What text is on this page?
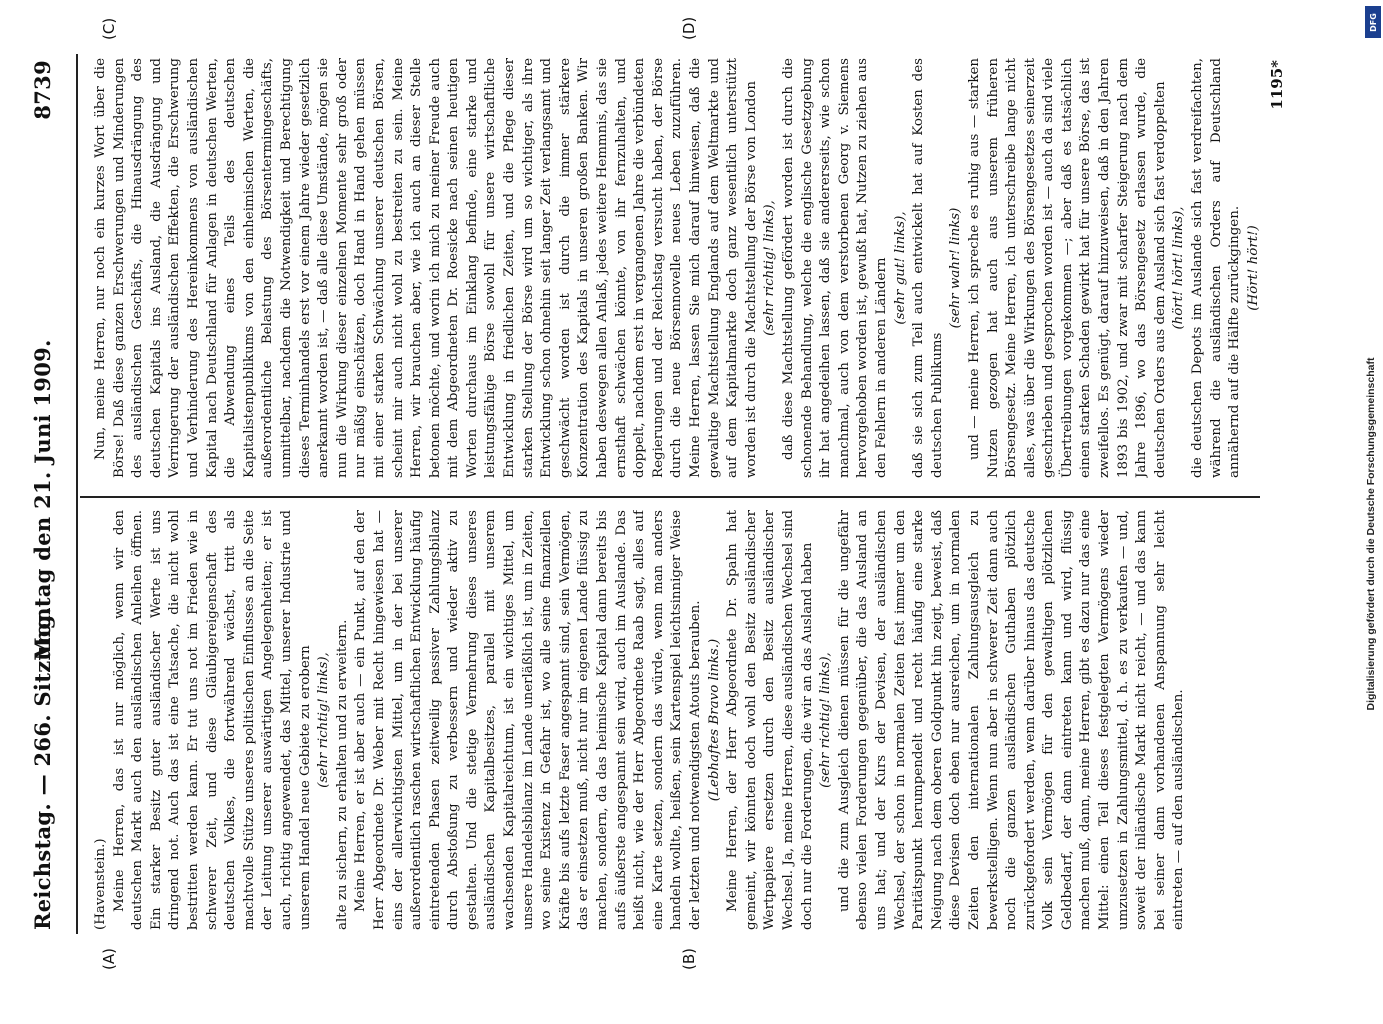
Reichstag. — 266. Sitzung.
Montag den 21. Juni 1909.
8739
(A)	(B)
(C)	(D)

(Havenstein.) Meine Herren, das ist nur möglich, wenn wir den deutschen Markt auch den ausländischen Anleihen öffnen. Ein starker Besitz guter ausländischer Werte ist uns dringend not. Auch das ist eine Tatsache, die nicht wohl bestritten werden kann. Er tut uns not im Frieden wie in schwerer Zeit, und diese Gläubigereigenschaft des deutschen Volkes, die fortwährend wächst, tritt als machtvolle Stütze unseres politischen Einflusses an die Seite der Leitung unserer auswärtigen Angelegenheiten; er ist auch, richtig angewendet, das Mittel, unserer Industrie und unserem Handel neue Gebiete zu erobern (sehr richtig! links), alte zu sichern, zu erhalten und zu erweitern. Meine Herren, er ist aber auch — ein Punkt, auf den der Herr Abgeordnete Dr. Weber mit Recht hingewiesen hat — eins der allerwichtigsten Mittel, um in der bei unserer außerordentlich raschen wirtschaftlichen Entwicklung häufig eintretenden Phasen zeitweilig passiver Zahlungsbilanz durch Abstoßung zu verbessern und wieder aktiv zu gestalten. Und die stetige Vermehrung dieses unseres ausländischen Kapitalbesitzes, parallel mit unserem wachsenden Kapitalreichtum, ist ein wichtiges Mittel, um unsere Handelsbilanz im Lande unerläßlich ist, um in Zeiten, wo seine Existenz in Gefahr ist, wo alle seine finanziellen Kräfte bis aufs letzte Faser angespannt sind, sein Vermögen, das er einsetzen muß, nicht nur im eigenen Lande flüssig zu machen, sondern, da das heimische Kapital dann bereits bis aufs äußerste angespannt sein wird, auch im Auslande. Das heißt nicht, wie der Herr Abgeordnete Raab sagt, alles auf eine Karte setzen, sondern das würde, wenn man anders handeln wollte, heißen, sein Kartenspiel leichtsinniger Weise der letzten und notwendigsten Atouts berauben. (Lebhaftes Bravo links.) Meine Herren, der Herr Abgeordnete Dr. Spahn hat gemeint, wir könnten doch wohl den Besitz ausländischer Wertpapiere ersetzen durch den Besitz ausländischer Wechsel. Ja, meine Herren, diese ausländischen Wechsel sind doch nur die Forderungen, die wir an das Ausland haben (sehr richtig! links), und die zum Ausgleich dienen müssen für die ungefähr ebenso vielen Forderungen gegenüber, die das Ausland an uns hat; und der Kurs der Devisen, der ausländischen Wechsel, der schon in normalen Zeiten fast immer um den Paritätspunkt herumpendelt und recht häufig eine starke Neigung nach dem oberen Goldpunkt hin zeigt, beweist, daß diese Devisen doch eben nur ausreichen, um in normalen Zeiten den internationalen Zahlungsausgleich zu bewerkstelligen. Wenn nun aber in schwerer Zeit dann auch noch die ganzen ausländischen Guthaben plötzlich zurückgefordert werden, wenn darüber hinaus das deutsche Volk sein Vermögen für den gewaltigen plötzlichen Geldbedarf, der dann eintreten kann und wird, flüssig machen muß, dann, meine Herren, gibt es dazu nur das eine Mittel: einen Teil dieses festgelegten Vermögens wieder umzusetzen in Zahlungsmittel, d. h. es zu verkaufen — und, soweit der inländische Markt nicht reicht, — und das kann bei seiner dann vorhandenen Anspannung sehr leicht eintreten — auf den ausländischen.

Nun, meine Herren, nur noch ein kurzes Wort über die Börse! Daß diese ganzen Erschwerungen und Minderungen des ausländischen Geschäfts, die Hinausdrängung des deutschen Kapitals ins Ausland, die Ausdrängung und Verringerung der ausländischen Effekten, die Erschwerung und Verhinderung des Hereinkommens von ausländischen Kapital nach Deutschland für Anlagen in deutschen Werten, die Abwendung eines Teils des deutschen Kapitalistenpublikums von den einheimischen Werten, die außerordentliche Belastung des Börsentermingeschäfts, unmittelbar, nachdem die Notwendigkeit und Berechtigung dieses Terminhandels erst vor einem Jahre wieder gesetzlich anerkannt worden ist, — daß alle diese Umstände, mögen sie nun die Wirkung dieser einzelnen Momente sehr groß oder nur mäßig einschätzen, doch Hand in Hand gehen müssen mit einer starken Schwächung unserer deutschen Börsen, scheint mir auch nicht wohl zu bestreiten zu sein. Meine Herren, wir brauchen aber, wie ich auch an dieser Stelle betonen möchte, und worin ich mich zu meiner Freude auch mit dem Abgeordneten Dr. Roesicke nach seinen heutigen Worten durchaus im Einklang befinde, eine starke und leistungsfähige Börse sowohl für unsere wirtschaftliche Entwicklung in friedlichen Zeiten, und die Pflege dieser starken Stellung der Börse wird um so wichtiger, als ihre Entwicklung schon ohnehin seit langer Zeit verlangsamt und geschwächt worden ist durch die immer stärkere Konzentration des Kapitals in unseren großen Banken. Wir haben deswegen allen Anlaß, jedes weitere Hemmnis, das sie ernsthaft schwächen könnte, von ihr fernzuhalten, und doppelt, nachdem erst in vergangenen Jahre die verbündeten Regierungen und der Reichstag versucht haben, der Börse durch die neue Börsennovelle neues Leben zuzuführen. Meine Herren, lassen Sie mich darauf hinweisen, daß die gewaltige Machtstellung Englands auf dem Weltmarkte und auf dem Kapitalmarkte doch ganz wesentlich unterstützt worden ist durch die Machtstellung der Börse von London (sehr richtig! links), daß diese Machtstellung gefördert worden ist durch die schonende Behandlung, welche die englische Gesetzgebung ihr hat angedeihen lassen, daß sie andererseits, wie schon manchmal, auch von dem verstorbenen Georg v. Siemens hervorgehoben worden ist, gewußt hat, Nutzen zu ziehen aus den Fehlern in anderen Ländern (sehr gut! links), daß sie sich zum Teil auch entwickelt hat auf Kosten des deutschen Publikums

(sehr wahr! links) und — meine Herren, ich spreche es ruhig aus — starken Nutzen gezogen hat auch aus unserem früheren Börsengesetz. Meine Herren, ich unterschreibe lange nicht alles, was über die Wirkungen des Börsengesetzes seinerzeit geschrieben und gesprochen worden ist — auch da sind viele Übertreibungen vorgekommen —; aber daß es tatsächlich einen starken Schaden gewirkt hat für unsere Börse, das ist zweifellos. Es genügt, darauf hinzuweisen, daß in den Jahren 1893 bis 1902, und zwar mit scharfer Steigerung nach dem Jahre 1896, wo das Börsengesetz erlassen wurde, die deutschen Orders aus dem Ausland sich fast verdoppelten (hört! hört! links), die deutschen Depots im Auslande sich fast verdreifachten, während die ausländischen Orders auf Deutschland annähernd auf die Hälfte zurückgingen. (Hört! hört!)

1195*
DFG
Digitalisierung gefördert durch die Deutsche Forschungsgemeinschaft
